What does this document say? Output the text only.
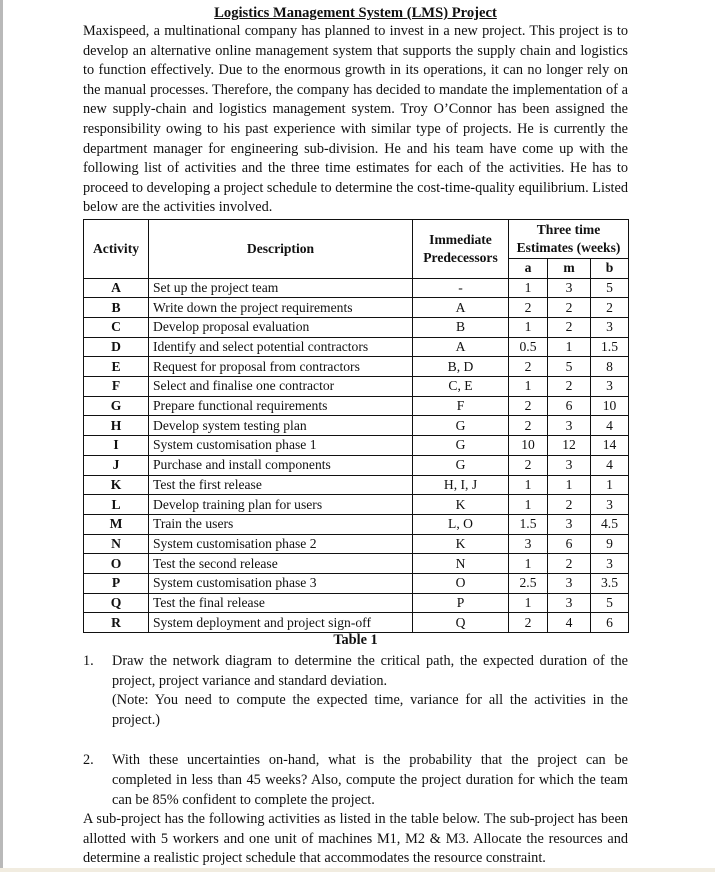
Logistics Management System (LMS) Project

Maxispeed, a multinational company has planned to invest in a new project. This project is to develop an alternative online management system that supports the supply chain and logistics to function effectively. Due to the enormous growth in its operations, it can no longer rely on the manual processes. Therefore, the company has decided to mandate the implementation of a new supply-chain and logistics management system. Troy O’Connor has been assigned the responsibility owing to his past experience with similar type of projects. He is currently the department manager for engineering sub-division. He and his team have come up with the following list of activities and the three time estimates for each of the activities. He has to proceed to developing a project schedule to determine the cost-time-quality equilibrium. Listed below are the activities involved.

Activity	Description	
Immediate
Predecessors

Three time
Estimates (weeks)

			a	m	b
A	Set up the project team	-	1	3	5
B	Write down the project requirements	A	2	2	2
C	Develop proposal evaluation	B	1	2	3
D	Identify and select potential contractors	A	0.5	1	1.5
E	Request for proposal from contractors	B, D	2	5	8
F	Select and finalise one contractor	C, E	1	2	3
G	Prepare functional requirements	F	2	6	10
H	Develop system testing plan	G	2	3	4
I	System customisation phase 1	G	10	12	14
J	Purchase and install components	G	2	3	4
K	Test the first release	H, I, J	1	1	1
L	Develop training plan for users	K	1	2	3
M	Train the users	L, O	1.5	3	4.5
N	System customisation phase 2	K	3	6	9
O	Test the second release	N	1	2	3
P	System customisation phase 3	O	2.5	3	3.5
Q	Test the final release	P	1	3	5
R	System deployment and project sign-off	Q	2	4	6

Table 1

1. Draw the network diagram to determine the critical path, the expected duration of the project, project variance and standard deviation.
(Note: You need to compute the expected time, variance for all the activities in the project.)
2. With these uncertainties on-hand, what is the probability that the project can be completed in less than 45 weeks? Also, compute the project duration for which the team can be 85% confident to complete the project.

A sub-project has the following activities as listed in the table below. The sub-project has been allotted with 5 workers and one unit of machines M1, M2 & M3. Allocate the resources and determine a realistic project schedule that accommodates the resource constraint.
